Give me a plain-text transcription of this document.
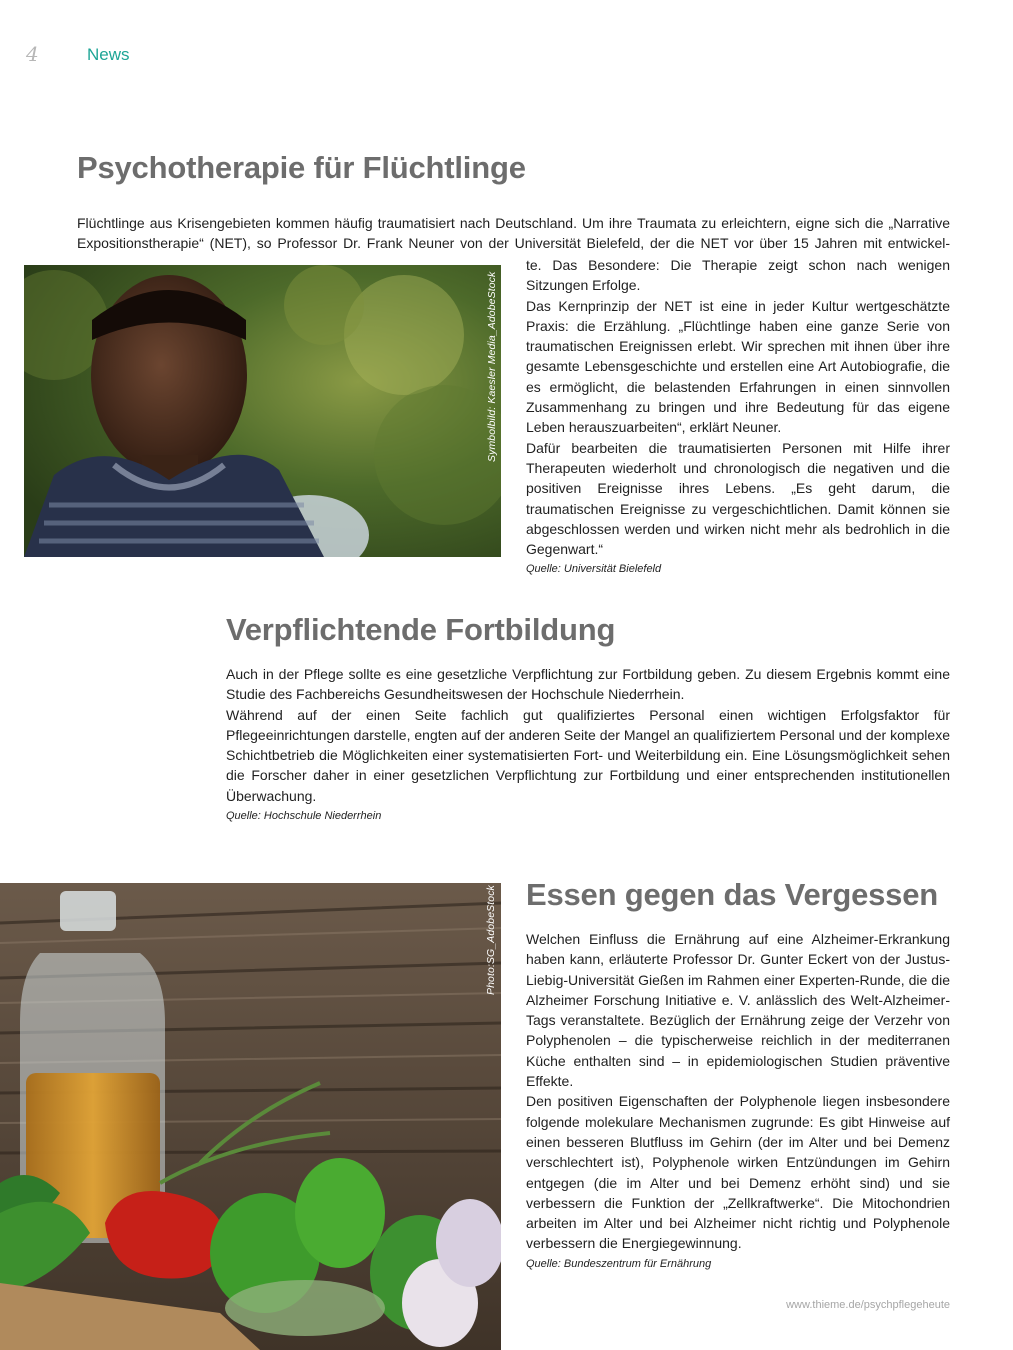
4	News
Psychotherapie für Flüchtlinge

Flüchtlinge aus Krisengebieten kommen häufig traumatisiert nach Deutschland. Um ihre Traumata zu erleichtern, eigne sich die „Narrative Expositionstherapie“ (NET), so Professor Dr. Frank Neuner von der Universität Bielefeld, der die NET vor über 15 Jahren mit entwickel-

Symbolbild: Kaesler Media_AdobeStock

te. Das Besondere: Die Therapie zeigt schon nach wenigen Sitzungen Erfolge.

Das Kernprinzip der NET ist eine in jeder Kultur wertgeschätzte Praxis: die Erzählung. „Flüchtlinge haben eine ganze Serie von traumatischen Ereignissen erlebt. Wir sprechen mit ihnen über ihre gesamte Lebensgeschichte und erstellen eine Art Autobiografie, die es ermöglicht, die belastenden Erfahrungen in einen sinnvollen Zusammenhang zu bringen und ihre Bedeutung für das eigene Leben herauszuarbeiten“, erklärt Neuner.

Dafür bearbeiten die traumatisierten Personen mit Hilfe ihrer Therapeuten wiederholt und chronologisch die negativen und die positiven Ereignisse ihres Lebens. „Es geht darum, die traumatischen Ereignisse zu vergeschichtlichen. Damit können sie abgeschlossen werden und wirken nicht mehr als bedrohlich in die Gegenwart.“

Quelle: Universität Bielefeld

Verpflichtende Fortbildung

Auch in der Pflege sollte es eine gesetzliche Verpflichtung zur Fortbildung geben. Zu diesem Ergebnis kommt eine Studie des Fachbereichs Gesundheitswesen der Hochschule Niederrhein.

Während auf der einen Seite fachlich gut qualifiziertes Personal einen wichtigen Erfolgsfaktor für Pflegeeinrichtungen darstelle, engten auf der anderen Seite der Mangel an qualifiziertem Personal und der komplexe Schichtbetrieb die Möglichkeiten einer systematisierten Fort- und Weiterbildung ein. Eine Lösungsmöglichkeit sehen die Forscher daher in einer gesetzlichen Verpflichtung zur Fortbildung und einer entsprechenden institutionellen Überwachung.

Quelle: Hochschule Niederrhein

Photo:SG_AdobeStock Essen gegen das Vergessen

Welchen Einfluss die Ernährung auf eine Alzheimer-Erkrankung haben kann, erläuterte Professor Dr. Gunter Eckert von der Justus-Liebig-Universität Gießen im Rahmen einer Experten-Runde, die die Alzheimer Forschung Initiative e. V. anlässlich des Welt-Alzheimer-Tags veranstaltete. Bezüglich der Ernährung zeige der Verzehr von Polyphenolen – die typischerweise reichlich in der mediterranen Küche enthalten sind – in epidemiologischen Studien präventive Effekte.

Den positiven Eigenschaften der Polyphenole liegen insbesondere folgende molekulare Mechanismen zugrunde: Es gibt Hinweise auf einen besseren Blutfluss im Gehirn (der im Alter und bei Demenz verschlechtert ist), Polyphenole wirken Entzündungen im Gehirn entgegen (die im Alter und bei Demenz erhöht sind) und sie verbessern die Funktion der „Zellkraftwerke“. Die Mitochondrien arbeiten im Alter und bei Alzheimer nicht richtig und Polyphenole verbessern die Energiegewinnung.

Quelle: Bundeszentrum für Ernährung

www.thieme.de/psychpflegeheute
